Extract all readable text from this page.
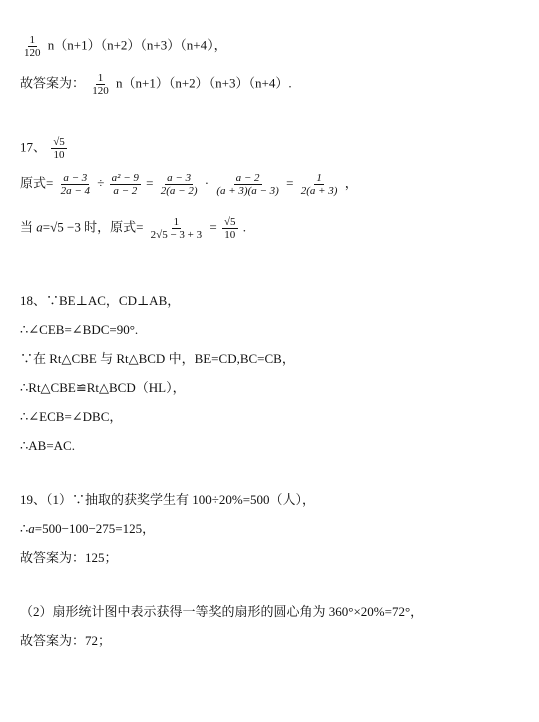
$\frac{1}{120} n(n+1)(n+2)(n+3)(n+4)$，
故答案为： $\frac{1}{120} n(n+1)(n+2)(n+3)(n+4)$.
17、 $\frac{√5}{10}$
原式= $\frac{a - 3}{2a - 4} \div \frac{\text{a² − 9}}{a - 2} = \frac{a - 3}{2(a - 2)} \cdot \frac{a - 2}{(a + 3)(a - 3)} = \frac{1}{2(a + 3)}$ ，
当 a=√5 −3 时，原式= $\frac{1}{2√5 - 3 + 3} = \frac{√5}{10}$ .
18、∵BE⊥AC，CD⊥AB，
∴∠CEB=∠BDC=90°.
∵在 Rt△CBE 与 Rt△BCD 中，BE=CD,BC=CB，
∴Rt△CBE≌Rt△BCD（HL），
∴∠ECB=∠DBC，
∴AB=AC.
19、（1）∵抽取的获奖学生有 100÷20%=500（人），
∴a=500−100−275=125，
故答案为：125；
（2）扇形统计图中表示获得一等奖的扇形的圆心角为 360°×20%=72°，
故答案为：72；
